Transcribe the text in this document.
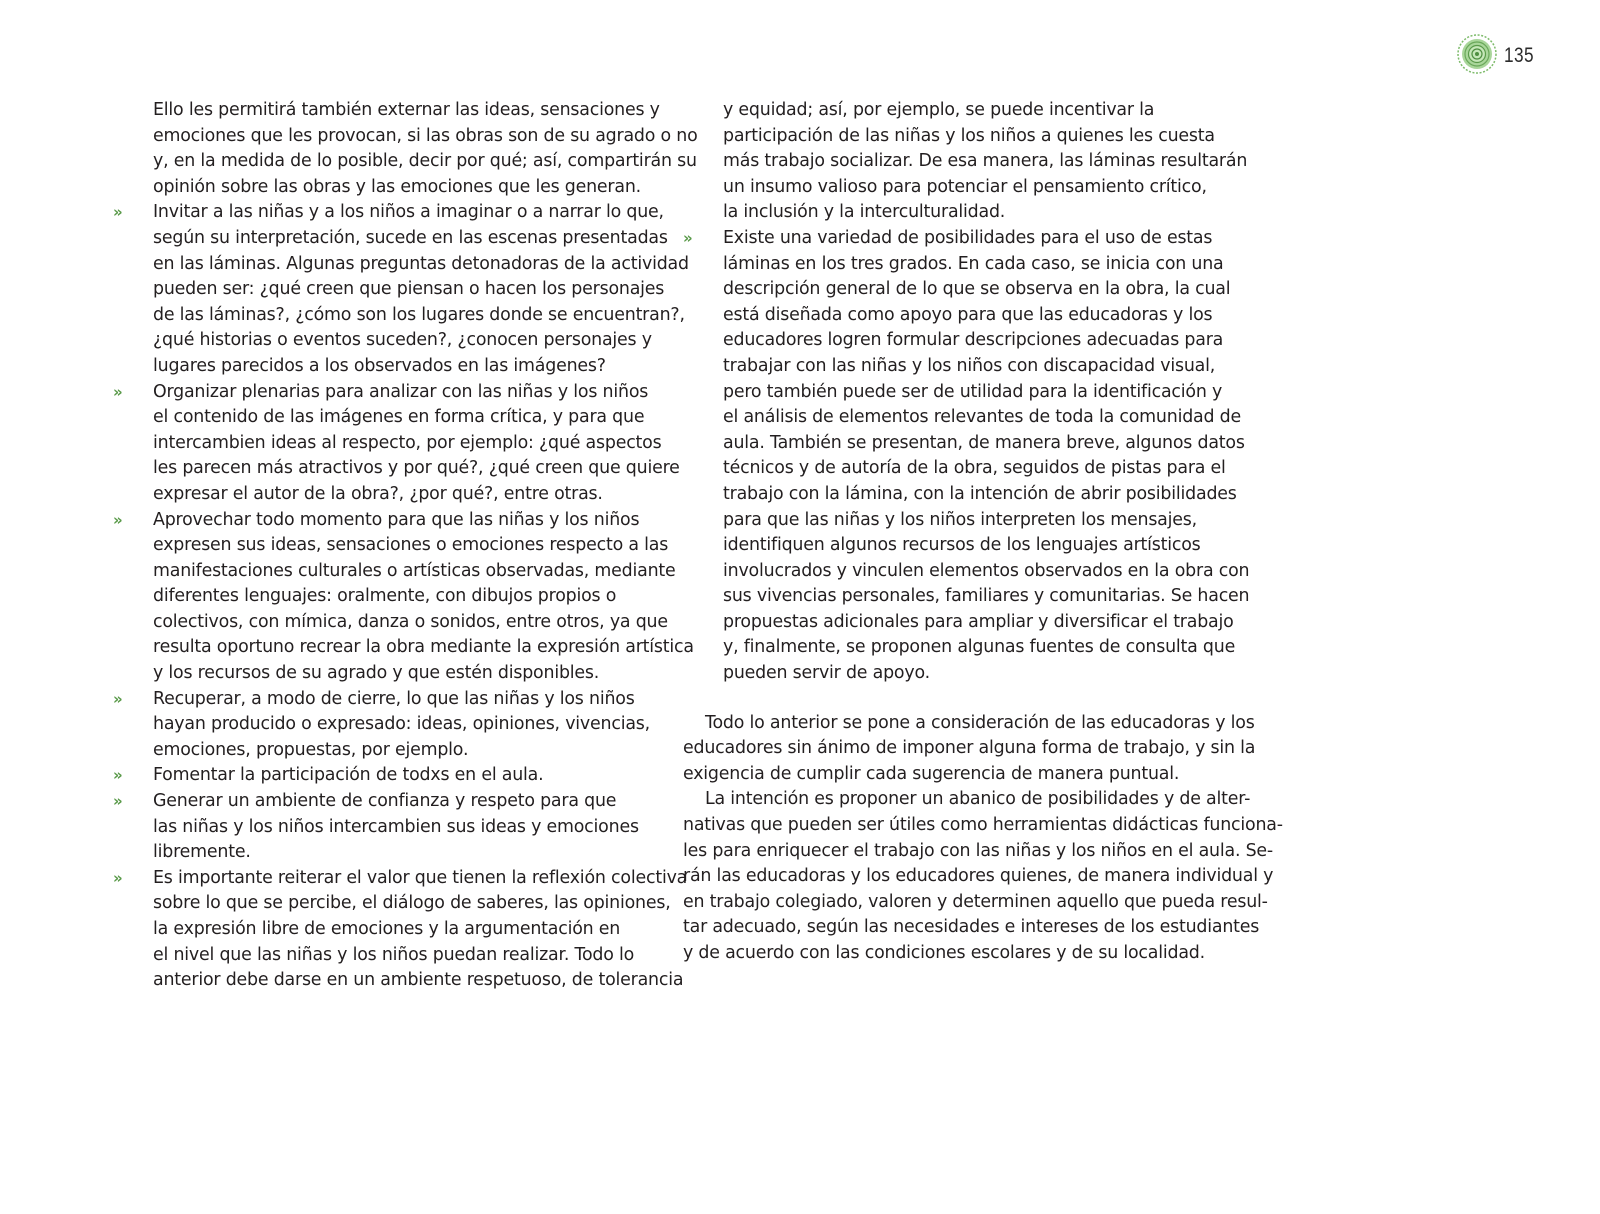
135
Ello les permitirá también externar las ideas, sensaciones y
emociones que les provocan, si las obras son de su agrado o no
y, en la medida de lo posible, decir por qué; así, compartirán su
opinión sobre las obras y las emociones que les generan.
» Invitar a las niñas y a los niños a imaginar o a narrar lo que,
según su interpretación, sucede en las escenas presentadas
en las láminas. Algunas preguntas detonadoras de la actividad
pueden ser: ¿qué creen que piensan o hacen los personajes
de las láminas?, ¿cómo son los lugares donde se encuentran?,
¿qué historias o eventos suceden?, ¿conocen personajes y
lugares parecidos a los observados en las imágenes?
» Organizar plenarias para analizar con las niñas y los niños
el contenido de las imágenes en forma crítica, y para que
intercambien ideas al respecto, por ejemplo: ¿qué aspectos
les parecen más atractivos y por qué?, ¿qué creen que quiere
expresar el autor de la obra?, ¿por qué?, entre otras.
» Aprovechar todo momento para que las niñas y los niños
expresen sus ideas, sensaciones o emociones respecto a las
manifestaciones culturales o artísticas observadas, mediante
diferentes lenguajes: oralmente, con dibujos propios o
colectivos, con mímica, danza o sonidos, entre otros, ya que
resulta oportuno recrear la obra mediante la expresión artística
y los recursos de su agrado y que estén disponibles.
» Recuperar, a modo de cierre, lo que las niñas y los niños
hayan producido o expresado: ideas, opiniones, vivencias,
emociones, propuestas, por ejemplo.
» Fomentar la participación de todxs en el aula.
» Generar un ambiente de confianza y respeto para que
las niñas y los niños intercambien sus ideas y emociones
libremente.
» Es importante reiterar el valor que tienen la reflexión colectiva
sobre lo que se percibe, el diálogo de saberes, las opiniones,
la expresión libre de emociones y la argumentación en
el nivel que las niñas y los niños puedan realizar. Todo lo
anterior debe darse en un ambiente respetuoso, de tolerancia
y equidad; así, por ejemplo, se puede incentivar la
participación de las niñas y los niños a quienes les cuesta
más trabajo socializar. De esa manera, las láminas resultarán
un insumo valioso para potenciar el pensamiento crítico,
la inclusión y la interculturalidad.
» Existe una variedad de posibilidades para el uso de estas
láminas en los tres grados. En cada caso, se inicia con una
descripción general de lo que se observa en la obra, la cual
está diseñada como apoyo para que las educadoras y los
educadores logren formular descripciones adecuadas para
trabajar con las niñas y los niños con discapacidad visual,
pero también puede ser de utilidad para la identificación y
el análisis de elementos relevantes de toda la comunidad de
aula. También se presentan, de manera breve, algunos datos
técnicos y de autoría de la obra, seguidos de pistas para el
trabajo con la lámina, con la intención de abrir posibilidades
para que las niñas y los niños interpreten los mensajes,
identifiquen algunos recursos de los lenguajes artísticos
involucrados y vinculen elementos observados en la obra con
sus vivencias personales, familiares y comunitarias. Se hacen
propuestas adicionales para ampliar y diversificar el trabajo
y, finalmente, se proponen algunas fuentes de consulta que
pueden servir de apoyo.
Todo lo anterior se pone a consideración de las educadoras y los
educadores sin ánimo de imponer alguna forma de trabajo, y sin la
exigencia de cumplir cada sugerencia de manera puntual.
La intención es proponer un abanico de posibilidades y de alter-
nativas que pueden ser útiles como herramientas didácticas funciona-
les para enriquecer el trabajo con las niñas y los niños en el aula. Se-
rán las educadoras y los educadores quienes, de manera individual y
en trabajo colegiado, valoren y determinen aquello que pueda resul-
tar adecuado, según las necesidades e intereses de los estudiantes
y de acuerdo con las condiciones escolares y de su localidad.
